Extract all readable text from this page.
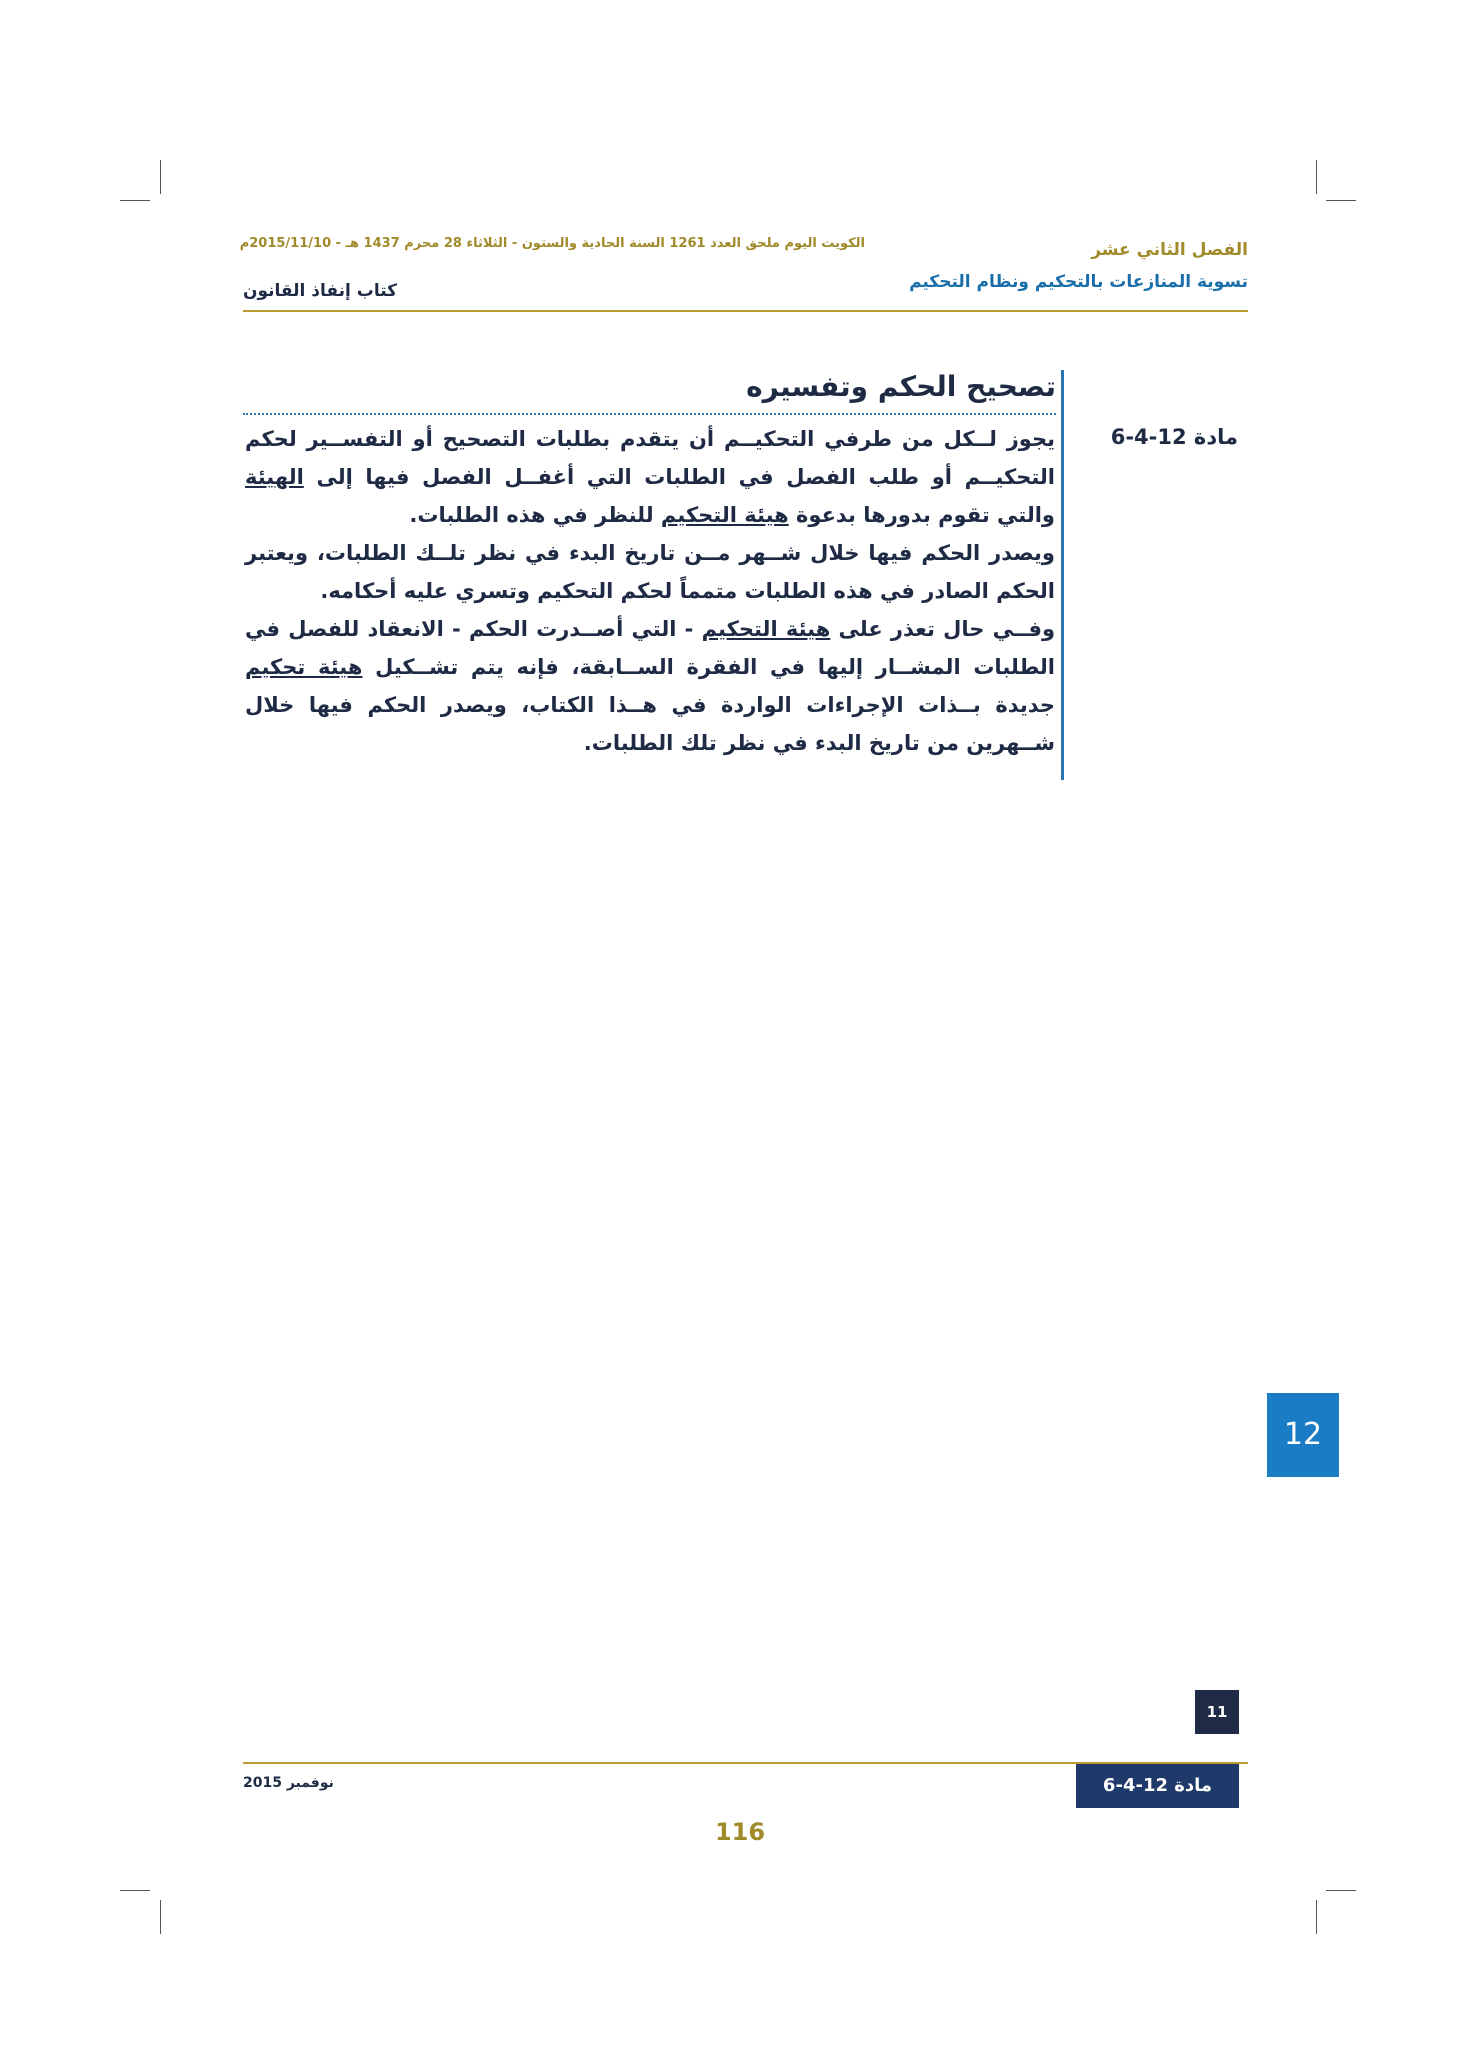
الكويت اليوم ملحق العدد 1261 السنة الحادية والستون - الثلاثاء 28 محرم 1437 هـ - 2015/11/10م	الفصل الثاني عشر
تسوية المنازعات بالتحكيم ونظام التحكيم
كتاب إنفاذ القانون
تصحيح الحكم وتفسيره
مادة 12-4-6

يجوز لــكل من طرفي التحكيــم أن يتقدم بطلبات التصحيح أو التفســير لحكم التحكيــم أو طلب الفصل في الطلبات التي أغفــل الفصل فيها إلى الهيئة والتي تقوم بدورها بدعوة هيئة التحكيم للنظر في هذه الطلبات.

ويصدر الحكم فيها خلال شــهر مــن تاريخ البدء في نظر تلــك الطلبات، ويعتبر الحكم الصادر في هذه الطلبات متمماً لحكم التحكيم وتسري عليه أحكامه.

وفــي حال تعذر على هيئة التحكيم - التي أصــدرت الحكم - الانعقاد للفصل في الطلبات المشــار إليها في الفقرة الســابقة، فإنه يتم تشــكيل هيئة تحكيم جديدة بــذات الإجراءات الواردة في هــذا الكتاب، ويصدر الحكم فيها خلال شــهرين من تاريخ البدء في نظر تلك الطلبات.

12
11
نوفمبر 2015	مادة 12-4-6
116
